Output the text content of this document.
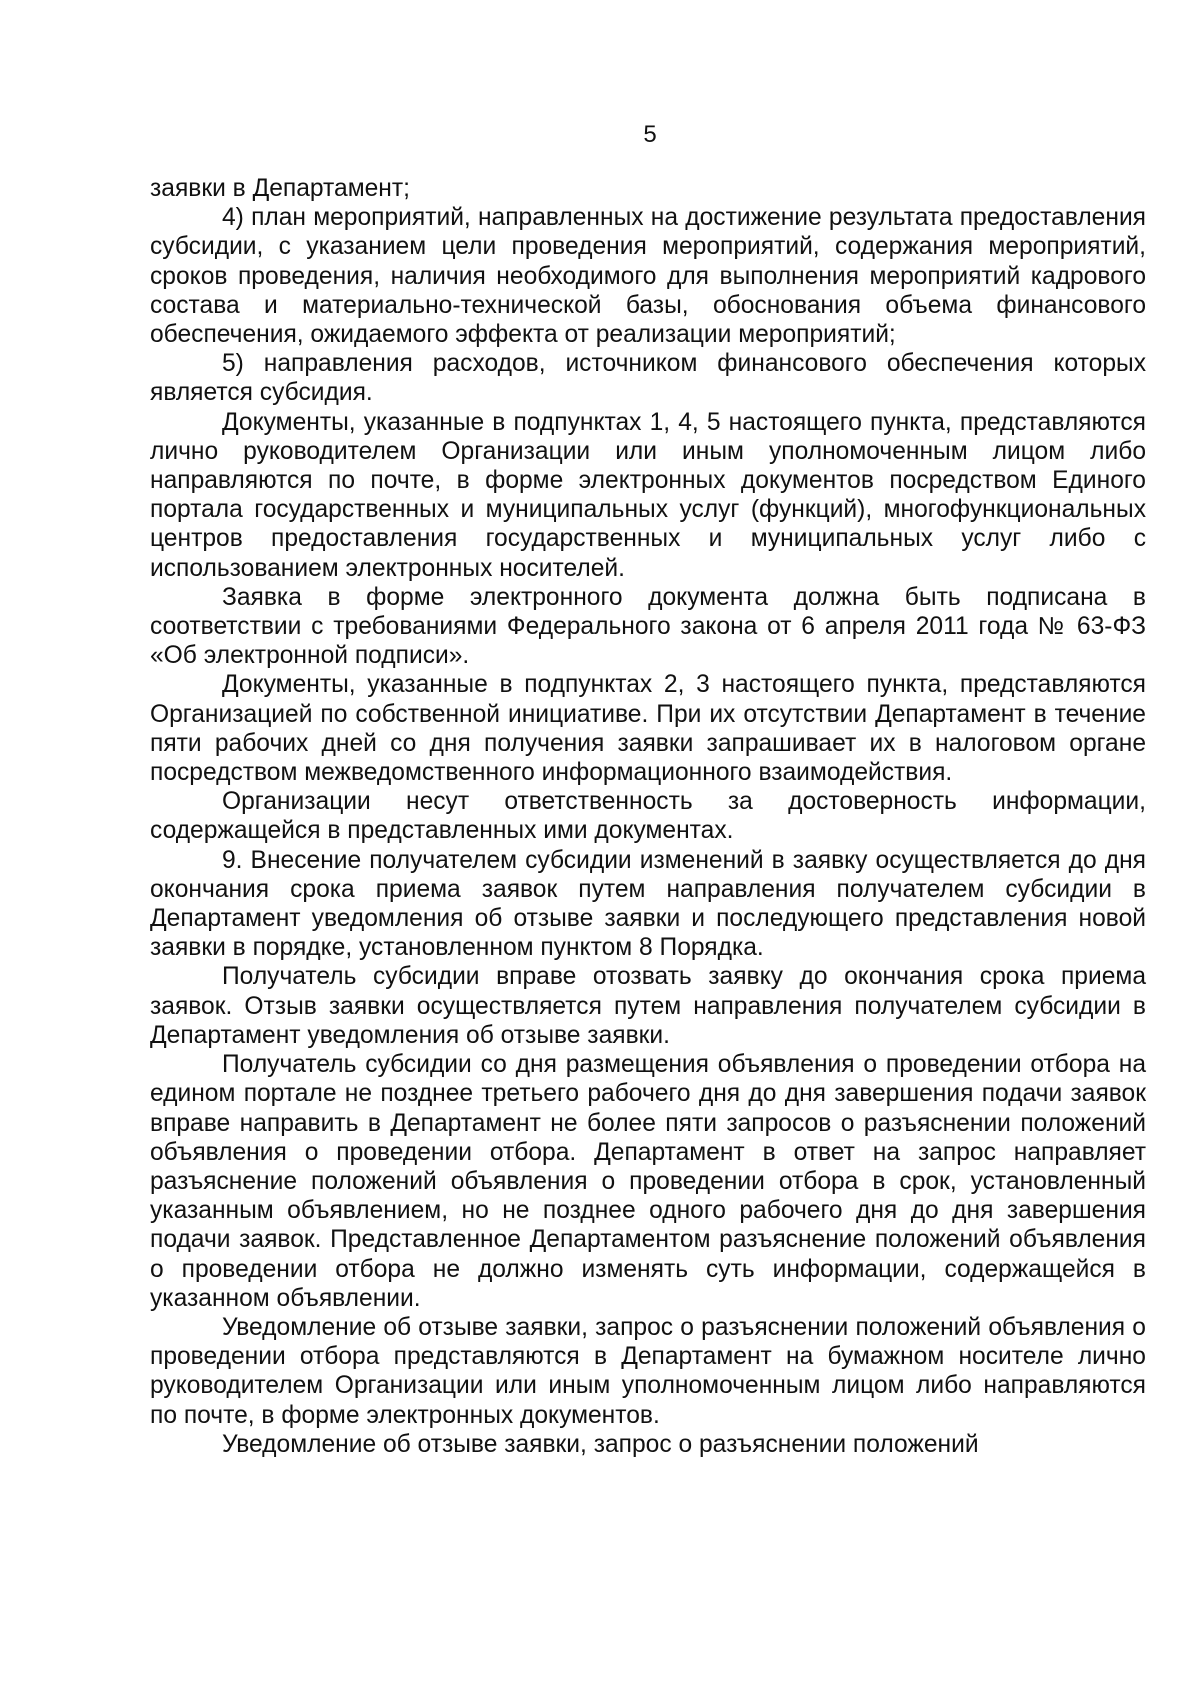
5

заявки в Департамент;

4) план мероприятий, направленных на достижение результата предоставления субсидии, с указанием цели проведения мероприятий, содержания мероприятий, сроков проведения, наличия необходимого для выполнения мероприятий кадрового состава и материально-технической базы, обоснования объема финансового обеспечения, ожидаемого эффекта от реализации мероприятий;

5) направления расходов, источником финансового обеспечения которых является субсидия.

Документы, указанные в подпунктах 1, 4, 5 настоящего пункта, представляются лично руководителем Организации или иным уполномоченным лицом либо направляются по почте, в форме электронных документов посредством Единого портала государственных и муниципальных услуг (функций), многофункциональных центров предоставления государственных и муниципальных услуг либо с использованием электронных носителей.

Заявка в форме электронного документа должна быть подписана в соответствии с требованиями Федерального закона от 6 апреля 2011 года № 63-ФЗ «Об электронной подписи».

Документы, указанные в подпунктах 2, 3 настоящего пункта, представляются Организацией по собственной инициативе. При их отсутствии Департамент в течение пяти рабочих дней со дня получения заявки запрашивает их в налоговом органе посредством межведомственного информационного взаимодействия.

Организации несут ответственность за достоверность информации, содержащейся в представленных ими документах.

9. Внесение получателем субсидии изменений в заявку осуществляется до дня окончания срока приема заявок путем направления получателем субсидии в Департамент уведомления об отзыве заявки и последующего представления новой заявки в порядке, установленном пунктом 8 Порядка.

Получатель субсидии вправе отозвать заявку до окончания срока приема заявок. Отзыв заявки осуществляется путем направления получателем субсидии в Департамент уведомления об отзыве заявки.

Получатель субсидии со дня размещения объявления о проведении отбора на едином портале не позднее третьего рабочего дня до дня завершения подачи заявок вправе направить в Департамент не более пяти запросов о разъяснении положений объявления о проведении отбора. Департамент в ответ на запрос направляет разъяснение положений объявления о проведении отбора в срок, установленный указанным объявлением, но не позднее одного рабочего дня до дня завершения подачи заявок. Представленное Департаментом разъяснение положений объявления о проведении отбора не должно изменять суть информации, содержащейся в указанном объявлении.

Уведомление об отзыве заявки, запрос о разъяснении положений объявления о проведении отбора представляются в Департамент на бумажном носителе лично руководителем Организации или иным уполномоченным лицом либо направляются по почте, в форме электронных документов.

Уведомление об отзыве заявки, запрос о разъяснении положений
